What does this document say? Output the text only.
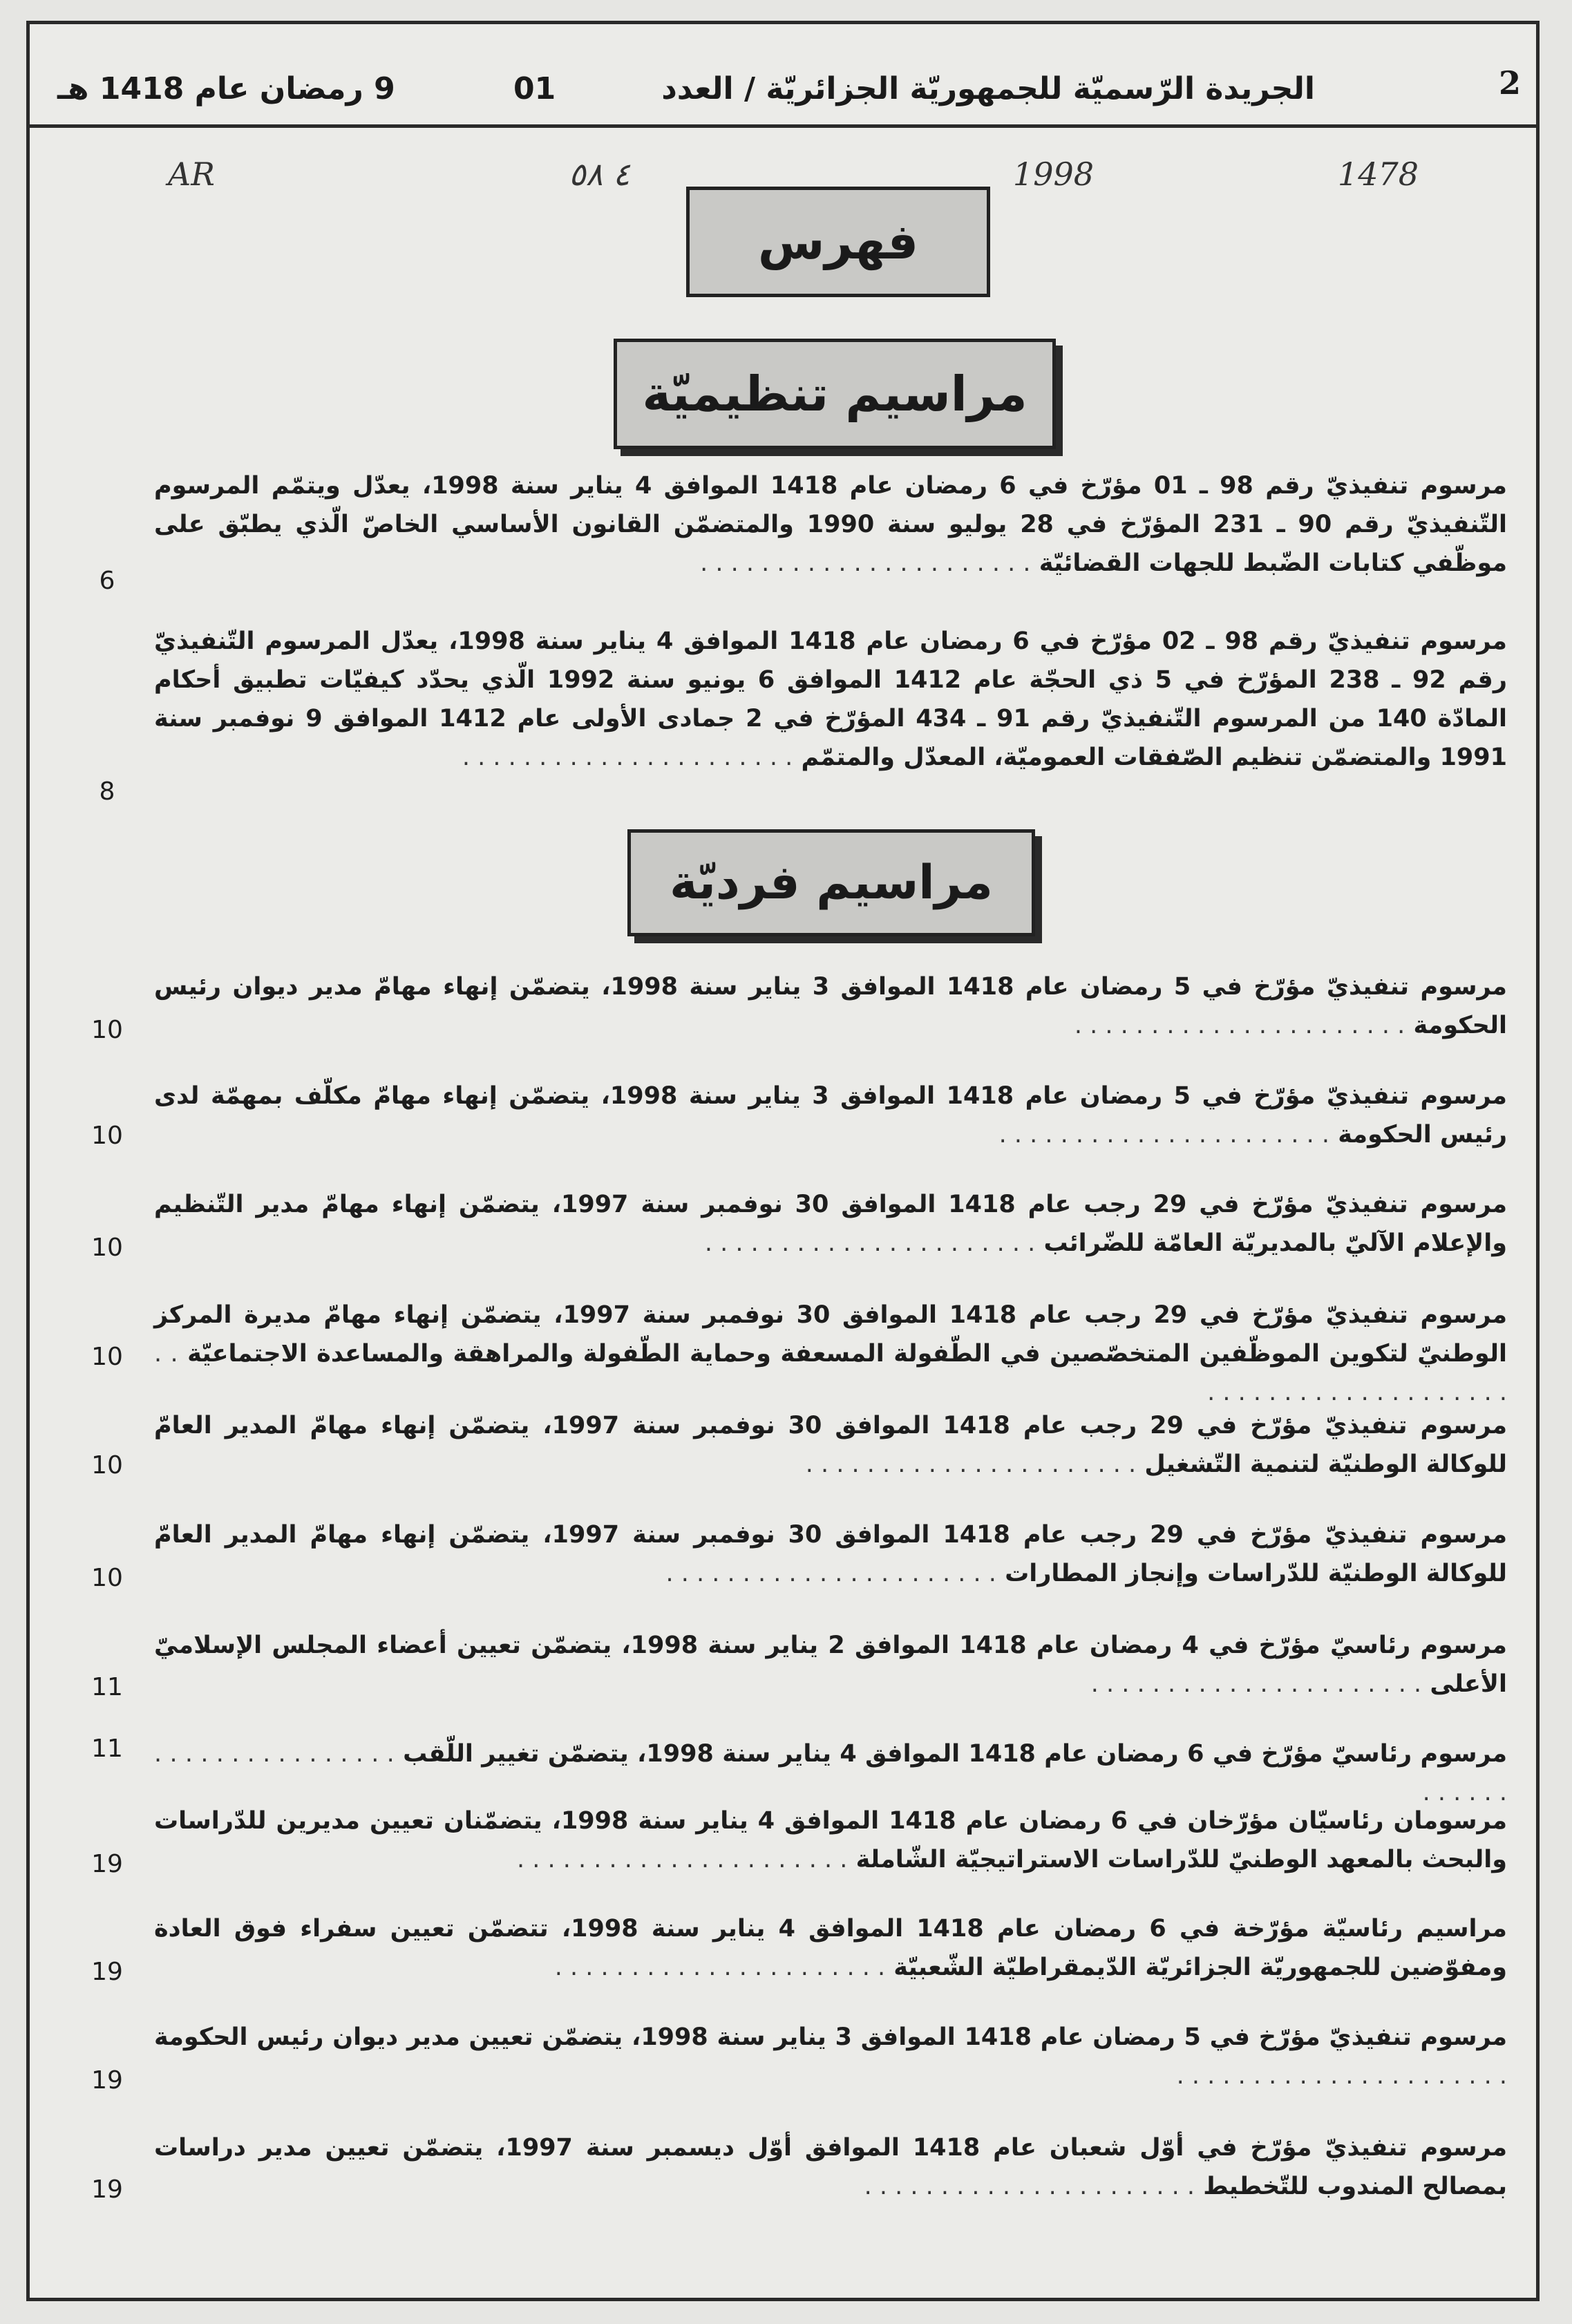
2
الجريدة الرّسميّة للجمهوريّة الجزائريّة / العدد
01
9 رمضان عام 1418 هـ
1478
1998
٤ ٥٨
AR
فهرس
مراسيم تنظيميّة
مرسوم تنفيذيّ رقم 98 ـ 01 مؤرّخ في 6 رمضان عام 1418 الموافق 4 يناير سنة 1998، يعدّل ويتمّم المرسوم التّنفيذيّ رقم 90 ـ 231 المؤرّخ في 28 يوليو سنة 1990 والمتضمّن القانون الأساسي الخاصّ الّذي يطبّق على موظّفي كتابات الضّبط للجهات القضائيّة . . . . . . . . . . . . . . . . . . . . . .
6
مرسوم تنفيذيّ رقم 98 ـ 02 مؤرّخ في 6 رمضان عام 1418 الموافق 4 يناير سنة 1998، يعدّل المرسوم التّنفيذيّ رقم 92 ـ 238 المؤرّخ في 5 ذي الحجّة عام 1412 الموافق 6 يونيو سنة 1992 الّذي يحدّد كيفيّات تطبيق أحكام المادّة 140 من المرسوم التّنفيذيّ رقم 91 ـ 434 المؤرّخ في 2 جمادى الأولى عام 1412 الموافق 9 نوفمبر سنة 1991 والمتضمّن تنظيم الصّفقات العموميّة، المعدّل والمتمّم . . . . . . . . . . . . . . . . . . . . . .
8
مراسيم فرديّة
مرسوم تنفيذيّ مؤرّخ في 5 رمضان عام 1418 الموافق 3 يناير سنة 1998، يتضمّن إنهاء مهامّ مدير ديوان رئيس الحكومة . . . . . . . . . . . . . . . . . . . . . .
10
مرسوم تنفيذيّ مؤرّخ في 5 رمضان عام 1418 الموافق 3 يناير سنة 1998، يتضمّن إنهاء مهامّ مكلّف بمهمّة لدى رئيس الحكومة . . . . . . . . . . . . . . . . . . . . . .
10
مرسوم تنفيذيّ مؤرّخ في 29 رجب عام 1418 الموافق 30 نوفمبر سنة 1997، يتضمّن إنهاء مهامّ مدير التّنظيم والإعلام الآليّ بالمديريّة العامّة للضّرائب . . . . . . . . . . . . . . . . . . . . . .
10
مرسوم تنفيذيّ مؤرّخ في 29 رجب عام 1418 الموافق 30 نوفمبر سنة 1997، يتضمّن إنهاء مهامّ مديرة المركز الوطنيّ لتكوين الموظّفين المتخصّصين في الطّفولة المسعفة وحماية الطّفولة والمراهقة والمساعدة الاجتماعيّة . . . . . . . . . . . . . . . . . . . . . .
10
مرسوم تنفيذيّ مؤرّخ في 29 رجب عام 1418 الموافق 30 نوفمبر سنة 1997، يتضمّن إنهاء مهامّ المدير العامّ للوكالة الوطنيّة لتنمية التّشغيل . . . . . . . . . . . . . . . . . . . . . .
10
مرسوم تنفيذيّ مؤرّخ في 29 رجب عام 1418 الموافق 30 نوفمبر سنة 1997، يتضمّن إنهاء مهامّ المدير العامّ للوكالة الوطنيّة للدّراسات وإنجاز المطارات . . . . . . . . . . . . . . . . . . . . . .
10
مرسوم رئاسيّ مؤرّخ في 4 رمضان عام 1418 الموافق 2 يناير سنة 1998، يتضمّن تعيين أعضاء المجلس الإسلاميّ الأعلى . . . . . . . . . . . . . . . . . . . . . .
11
مرسوم رئاسيّ مؤرّخ في 6 رمضان عام 1418 الموافق 4 يناير سنة 1998، يتضمّن تغيير اللّقب . . . . . . . . . . . . . . . . . . . . . .
11
مرسومان رئاسيّان مؤرّخان في 6 رمضان عام 1418 الموافق 4 يناير سنة 1998، يتضمّنان تعيين مديرين للدّراسات والبحث بالمعهد الوطنيّ للدّراسات الاستراتيجيّة الشّاملة . . . . . . . . . . . . . . . . . . . . . .
19
مراسيم رئاسيّة مؤرّخة في 6 رمضان عام 1418 الموافق 4 يناير سنة 1998، تتضمّن تعيين سفراء فوق العادة ومفوّضين للجمهوريّة الجزائريّة الدّيمقراطيّة الشّعبيّة . . . . . . . . . . . . . . . . . . . . . .
19
مرسوم تنفيذيّ مؤرّخ في 5 رمضان عام 1418 الموافق 3 يناير سنة 1998، يتضمّن تعيين مدير ديوان رئيس الحكومة . . . . . . . . . . . . . . . . . . . . . .
19
مرسوم تنفيذيّ مؤرّخ في أوّل شعبان عام 1418 الموافق أوّل ديسمبر سنة 1997، يتضمّن تعيين مدير دراسات بمصالح المندوب للتّخطيط . . . . . . . . . . . . . . . . . . . . . .
19
